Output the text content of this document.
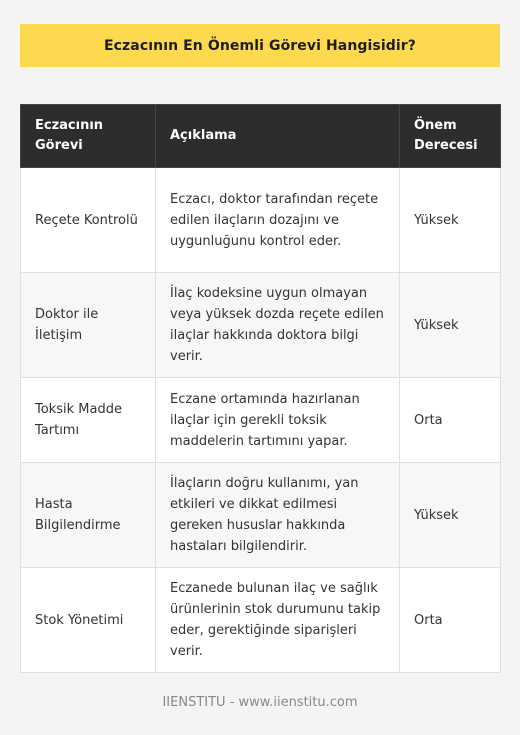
Eczacının En Önemli Görevi Hangisidir?
Eczacının Görevi	Açıklama	Önem Derecesi
Reçete Kontrolü	Eczacı, doktor tarafından reçete edilen ilaçların dozajını ve uygunluğunu kontrol eder.	Yüksek
Doktor ile İletişim	İlaç kodeksine uygun olmayan veya yüksek dozda reçete edilen ilaçlar hakkında doktora bilgi verir.	Yüksek
Toksik Madde Tartımı	Eczane ortamında hazırlanan ilaçlar için gerekli toksik maddelerin tartımını yapar.	Orta
Hasta Bilgilendirme	İlaçların doğru kullanımı, yan etkileri ve dikkat edilmesi gereken hususlar hakkında hastaları bilgilendirir.	Yüksek
Stok Yönetimi	Eczanede bulunan ilaç ve sağlık ürünlerinin stok durumunu takip eder, gerektiğinde siparişleri verir.	Orta
IIENSTITU - www.iienstitu.com
